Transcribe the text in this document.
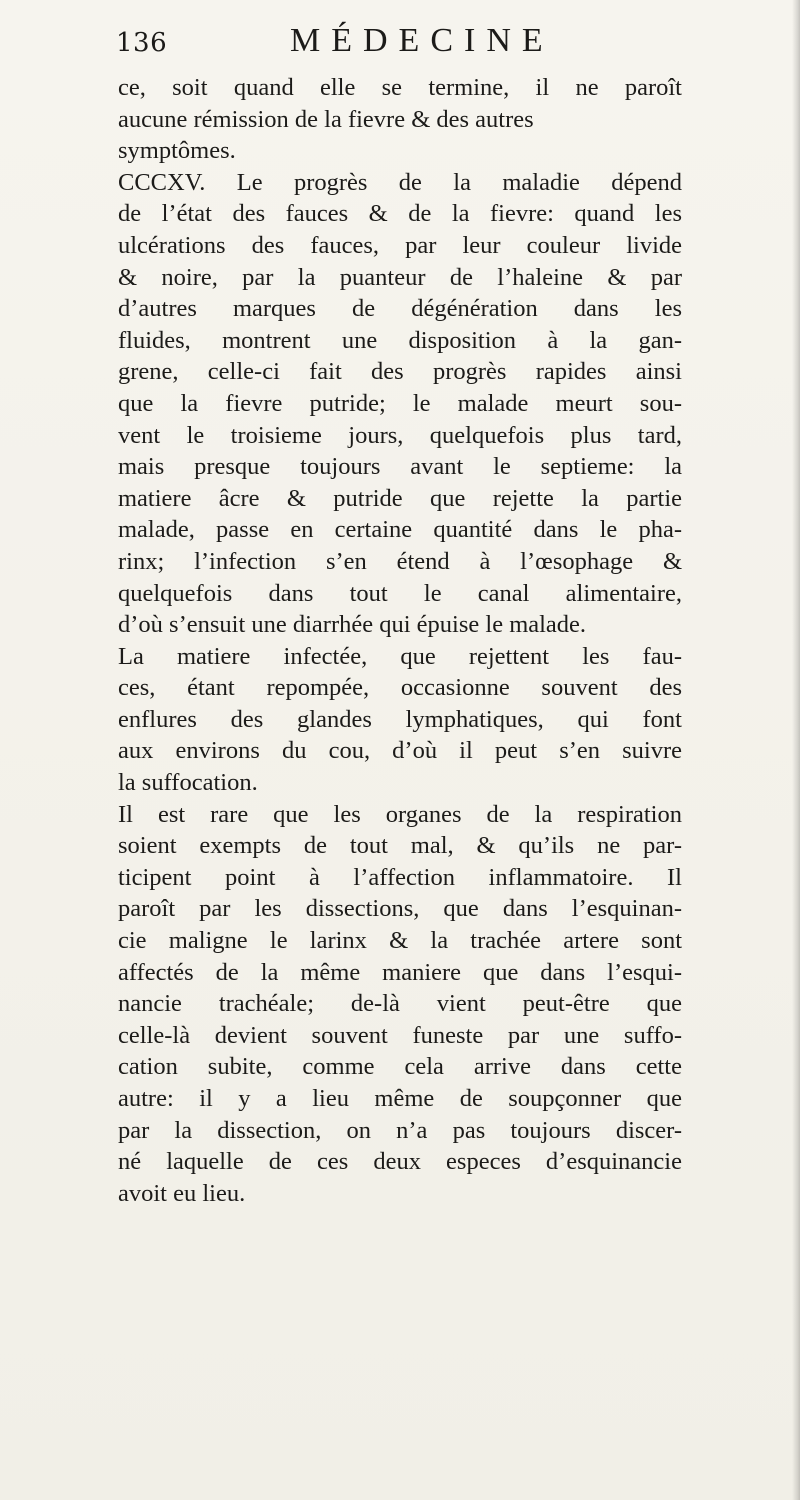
136	MÉDECINE
ce, soit quand elle se termine, il ne paroît
aucune rémission de la fievre & des autres
symptômes.
CCCXV. Le progrès de la maladie dépend
de l’état des fauces & de la fievre: quand les
ulcérations des fauces, par leur couleur livide
& noire, par la puanteur de l’haleine & par
d’autres marques de dégénération dans les
fluides, montrent une disposition à la gan-
grene, celle-ci fait des progrès rapides ainsi
que la fievre putride; le malade meurt sou-
vent le troisieme jours, quelquefois plus tard,
mais presque toujours avant le septieme: la
matiere âcre & putride que rejette la partie
malade, passe en certaine quantité dans le pha-
rinx; l’infection s’en étend à l’œsophage &
quelquefois dans tout le canal alimentaire,
d’où s’ensuit une diarrhée qui épuise le malade.
La matiere infectée, que rejettent les fau-
ces, étant repompée, occasionne souvent des
enflures des glandes lymphatiques, qui font
aux environs du cou, d’où il peut s’en suivre
la suffocation.
Il est rare que les organes de la respiration
soient exempts de tout mal, & qu’ils ne par-
ticipent point à l’affection inflammatoire. Il
paroît par les dissections, que dans l’esquinan-
cie maligne le larinx & la trachée artere sont
affectés de la même maniere que dans l’esqui-
nancie trachéale; de-là vient peut-être que
celle-là devient souvent funeste par une suffo-
cation subite, comme cela arrive dans cette
autre: il y a lieu même de soupçonner que
par la dissection, on n’a pas toujours discer-
né laquelle de ces deux especes d’esquinancie
avoit eu lieu.
